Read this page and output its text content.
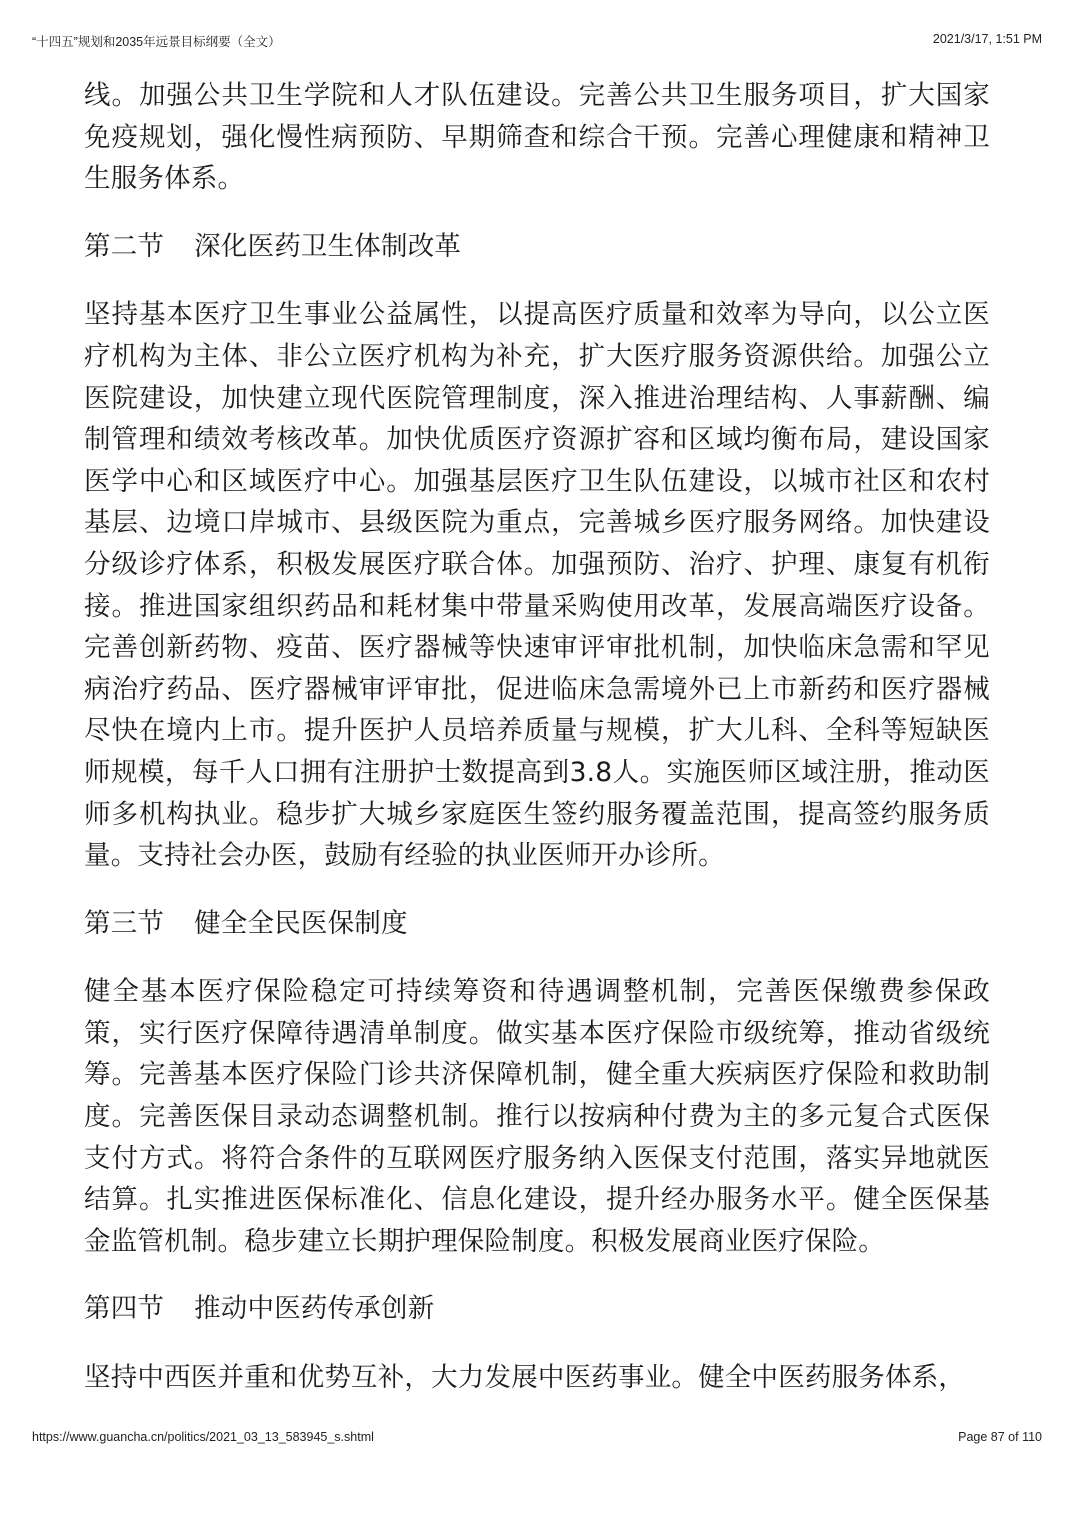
“十四五”规划和2035年远景目标纲要（全文）	2021/3/17, 1:51 PM

线。加强公共卫生学院和人才队伍建设。完善公共卫生服务项目，扩大国家免疫规划，强化慢性病预防、早期筛查和综合干预。完善心理健康和精神卫生服务体系。

第二节 深化医药卫生体制改革

坚持基本医疗卫生事业公益属性，以提高医疗质量和效率为导向，以公立医疗机构为主体、非公立医疗机构为补充，扩大医疗服务资源供给。加强公立医院建设，加快建立现代医院管理制度，深入推进治理结构、人事薪酬、编制管理和绩效考核改革。加快优质医疗资源扩容和区域均衡布局，建设国家医学中心和区域医疗中心。加强基层医疗卫生队伍建设，以城市社区和农村基层、边境口岸城市、县级医院为重点，完善城乡医疗服务网络。加快建设分级诊疗体系，积极发展医疗联合体。加强预防、治疗、护理、康复有机衔接。推进国家组织药品和耗材集中带量采购使用改革，发展高端医疗设备。完善创新药物、疫苗、医疗器械等快速审评审批机制，加快临床急需和罕见病治疗药品、医疗器械审评审批，促进临床急需境外已上市新药和医疗器械尽快在境内上市。提升医护人员培养质量与规模，扩大儿科、全科等短缺医师规模，每千人口拥有注册护士数提高到3.8人。实施医师区域注册，推动医师多机构执业。稳步扩大城乡家庭医生签约服务覆盖范围，提高签约服务质量。支持社会办医，鼓励有经验的执业医师开办诊所。

第三节 健全全民医保制度

健全基本医疗保险稳定可持续筹资和待遇调整机制，完善医保缴费参保政策，实行医疗保障待遇清单制度。做实基本医疗保险市级统筹，推动省级统筹。完善基本医疗保险门诊共济保障机制，健全重大疾病医疗保险和救助制度。完善医保目录动态调整机制。推行以按病种付费为主的多元复合式医保支付方式。将符合条件的互联网医疗服务纳入医保支付范围，落实异地就医结算。扎实推进医保标准化、信息化建设，提升经办服务水平。健全医保基金监管机制。稳步建立长期护理保险制度。积极发展商业医疗保险。

第四节 推动中医药传承创新

坚持中西医并重和优势互补，大力发展中医药事业。健全中医药服务体系，

https://www.guancha.cn/politics/2021_03_13_583945_s.shtml	Page 87 of 110
